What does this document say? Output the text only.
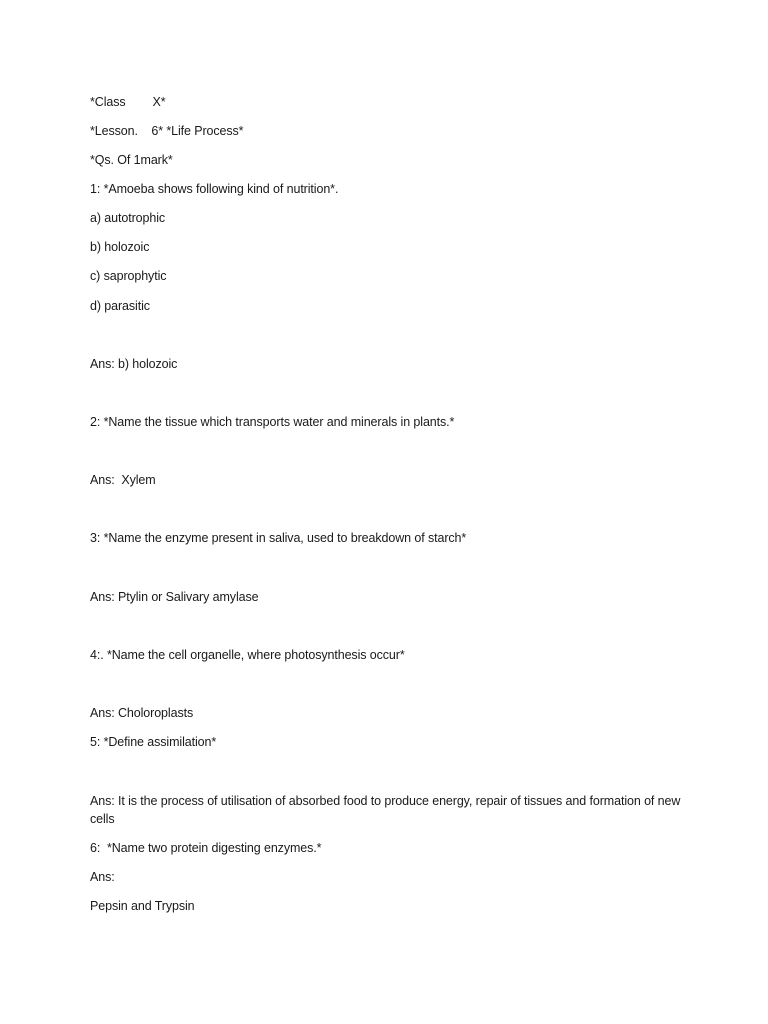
*Class        X*
*Lesson.    6* *Life Process*
*Qs. Of 1mark*
1: *Amoeba shows following kind of nutrition*.
a) autotrophic
b) holozoic
c) saprophytic
d) parasitic
Ans: b) holozoic
2: *Name the tissue which transports water and minerals in plants.*
Ans:  Xylem
3: *Name the enzyme present in saliva, used to breakdown of starch*
Ans: Ptylin or Salivary amylase
4:. *Name the cell organelle, where photosynthesis occur*
Ans: Choloroplasts
5: *Define assimilation*
Ans: It is the process of utilisation of absorbed food to produce energy, repair of tissues and formation of new cells
6:  *Name two protein digesting enzymes.*
Ans:
Pepsin and Trypsin
